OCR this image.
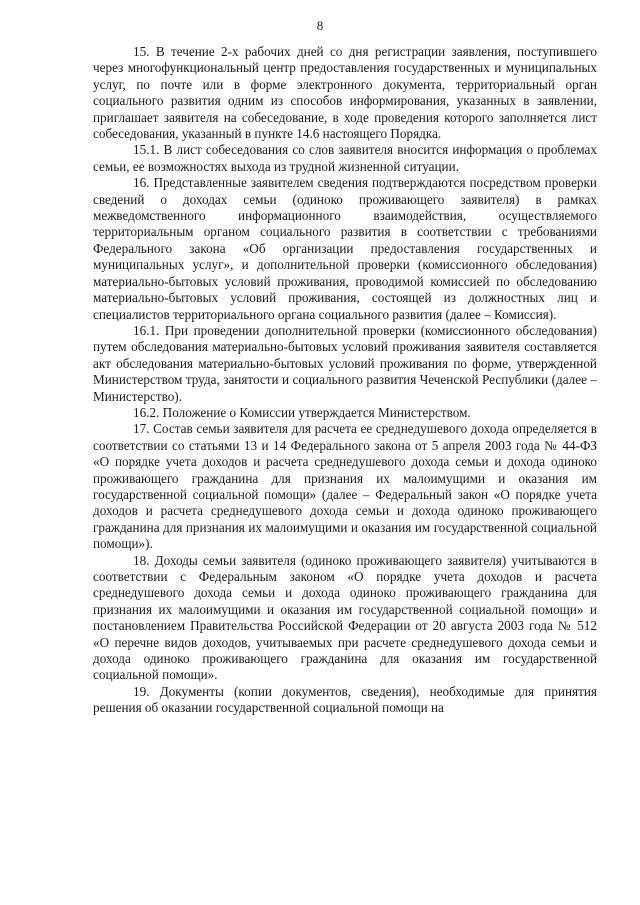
8

15. В течение 2-х рабочих дней со дня регистрации заявления, поступившего через многофункциональный центр предоставления государственных и муниципальных услуг, по почте или в форме электронного документа, территориальный орган социального развития одним из способов информирования, указанных в заявлении, приглашает заявителя на собеседование, в ходе проведения которого заполняется лист собеседования, указанный в пункте 14.6 настоящего Порядка.

15.1. В лист собеседования со слов заявителя вносится информация о проблемах семьи, ее возможностях выхода из трудной жизненной ситуации.

16. Представленные заявителем сведения подтверждаются посредством проверки сведений о доходах семьи (одиноко проживающего заявителя) в рамках межведомственного информационного взаимодействия, осуществляемого территориальным органом социального развития в соответствии с требованиями Федерального закона «Об организации предоставления государственных и муниципальных услуг», и дополнительной проверки (комиссионного обследования) материально-бытовых условий проживания, проводимой комиссией по обследованию материально-бытовых условий проживания, состоящей из должностных лиц и специалистов территориального органа социального развития (далее – Комиссия).

16.1. При проведении дополнительной проверки (комиссионного обследования) путем обследования материально-бытовых условий проживания заявителя составляется акт обследования материально-бытовых условий проживания по форме, утвержденной Министерством труда, занятости и социального развития Чеченской Республики (далее – Министерство).

16.2. Положение о Комиссии утверждается Министерством.

17. Состав семьи заявителя для расчета ее среднедушевого дохода определяется в соответствии со статьями 13 и 14 Федерального закона от 5 апреля 2003 года № 44-ФЗ «О порядке учета доходов и расчета среднедушевого дохода семьи и дохода одиноко проживающего гражданина для признания их малоимущими и оказания им государственной социальной помощи» (далее – Федеральный закон «О порядке учета доходов и расчета среднедушевого дохода семьи и дохода одиноко проживающего гражданина для признания их малоимущими и оказания им государственной социальной помощи»).

18. Доходы семьи заявителя (одиноко проживающего заявителя) учитываются в соответствии с Федеральным законом «О порядке учета доходов и расчета среднедушевого дохода семьи и дохода одиноко проживающего гражданина для признания их малоимущими и оказания им государственной социальной помощи» и постановлением Правительства Российской Федерации от 20 августа 2003 года № 512 «О перечне видов доходов, учитываемых при расчете среднедушевого дохода семьи и дохода одиноко проживающего гражданина для оказания им государственной социальной помощи».

19. Документы (копии документов, сведения), необходимые для принятия решения об оказании государственной социальной помощи на
